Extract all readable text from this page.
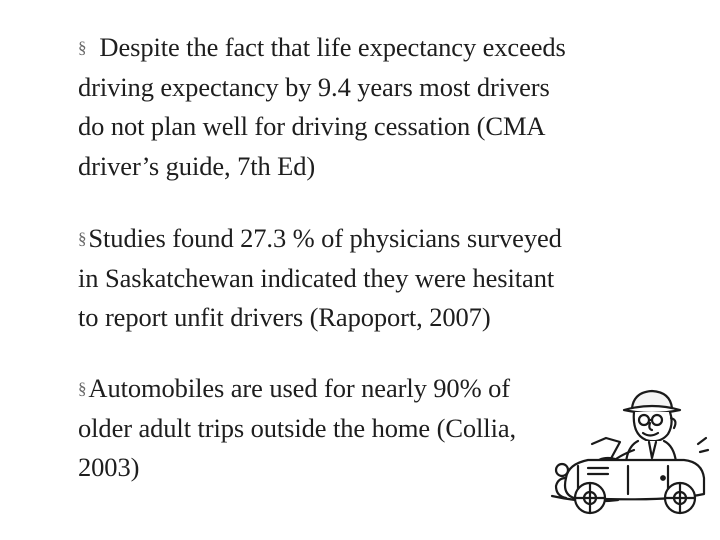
§ Despite the fact that life expectancy exceeds
driving expectancy by 9.4 years most drivers
do not plan well for driving cessation (CMA
driver’s guide, 7th Ed)
§Studies found 27.3 % of physicians surveyed
in Saskatchewan indicated they were hesitant
to report unfit drivers (Rapoport, 2007)
§Automobiles are used for nearly 90% of
older adult trips outside the home (Collia,
2003)
